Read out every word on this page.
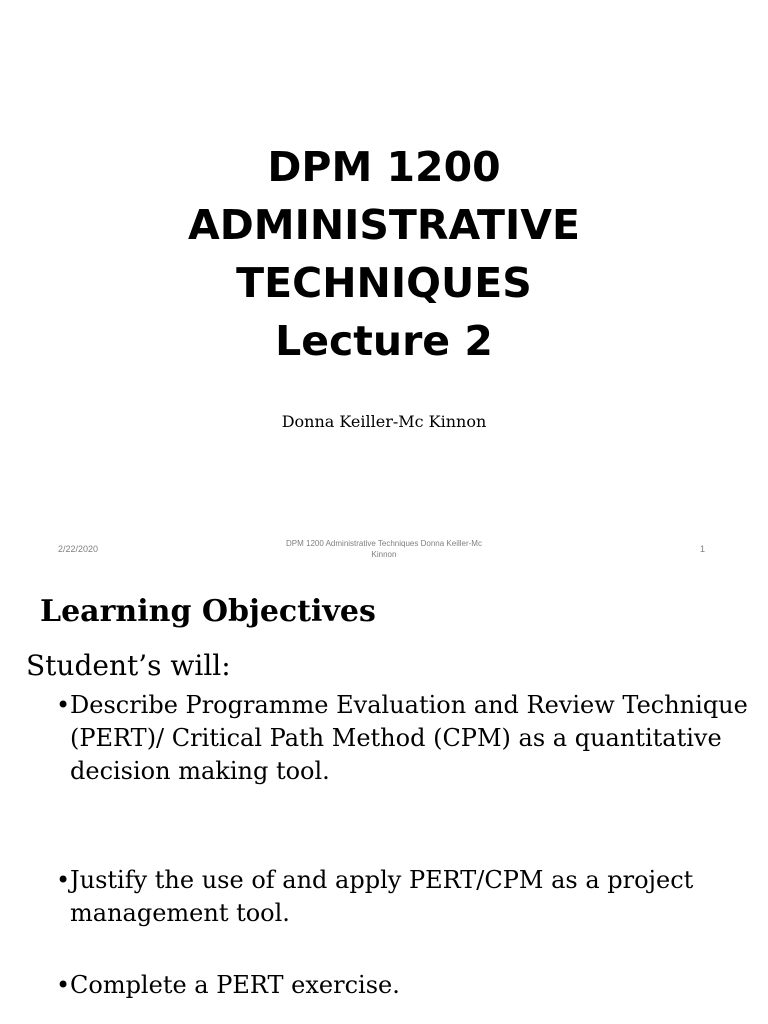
DPM 1200
ADMINISTRATIVE
TECHNIQUES
Lecture 2
Donna Keiller-Mc Kinnon
2/22/2020
DPM 1200 Administrative Techniques Donna Keiller-Mc
Kinnon
1
Learning Objectives
Student’s will:
• Describe Programme Evaluation and Review Technique (PERT)/ Critical Path Method (CPM) as a quantitative decision making tool.
• Justify the use of and apply PERT/CPM as a project management tool.
• Complete a PERT exercise.
